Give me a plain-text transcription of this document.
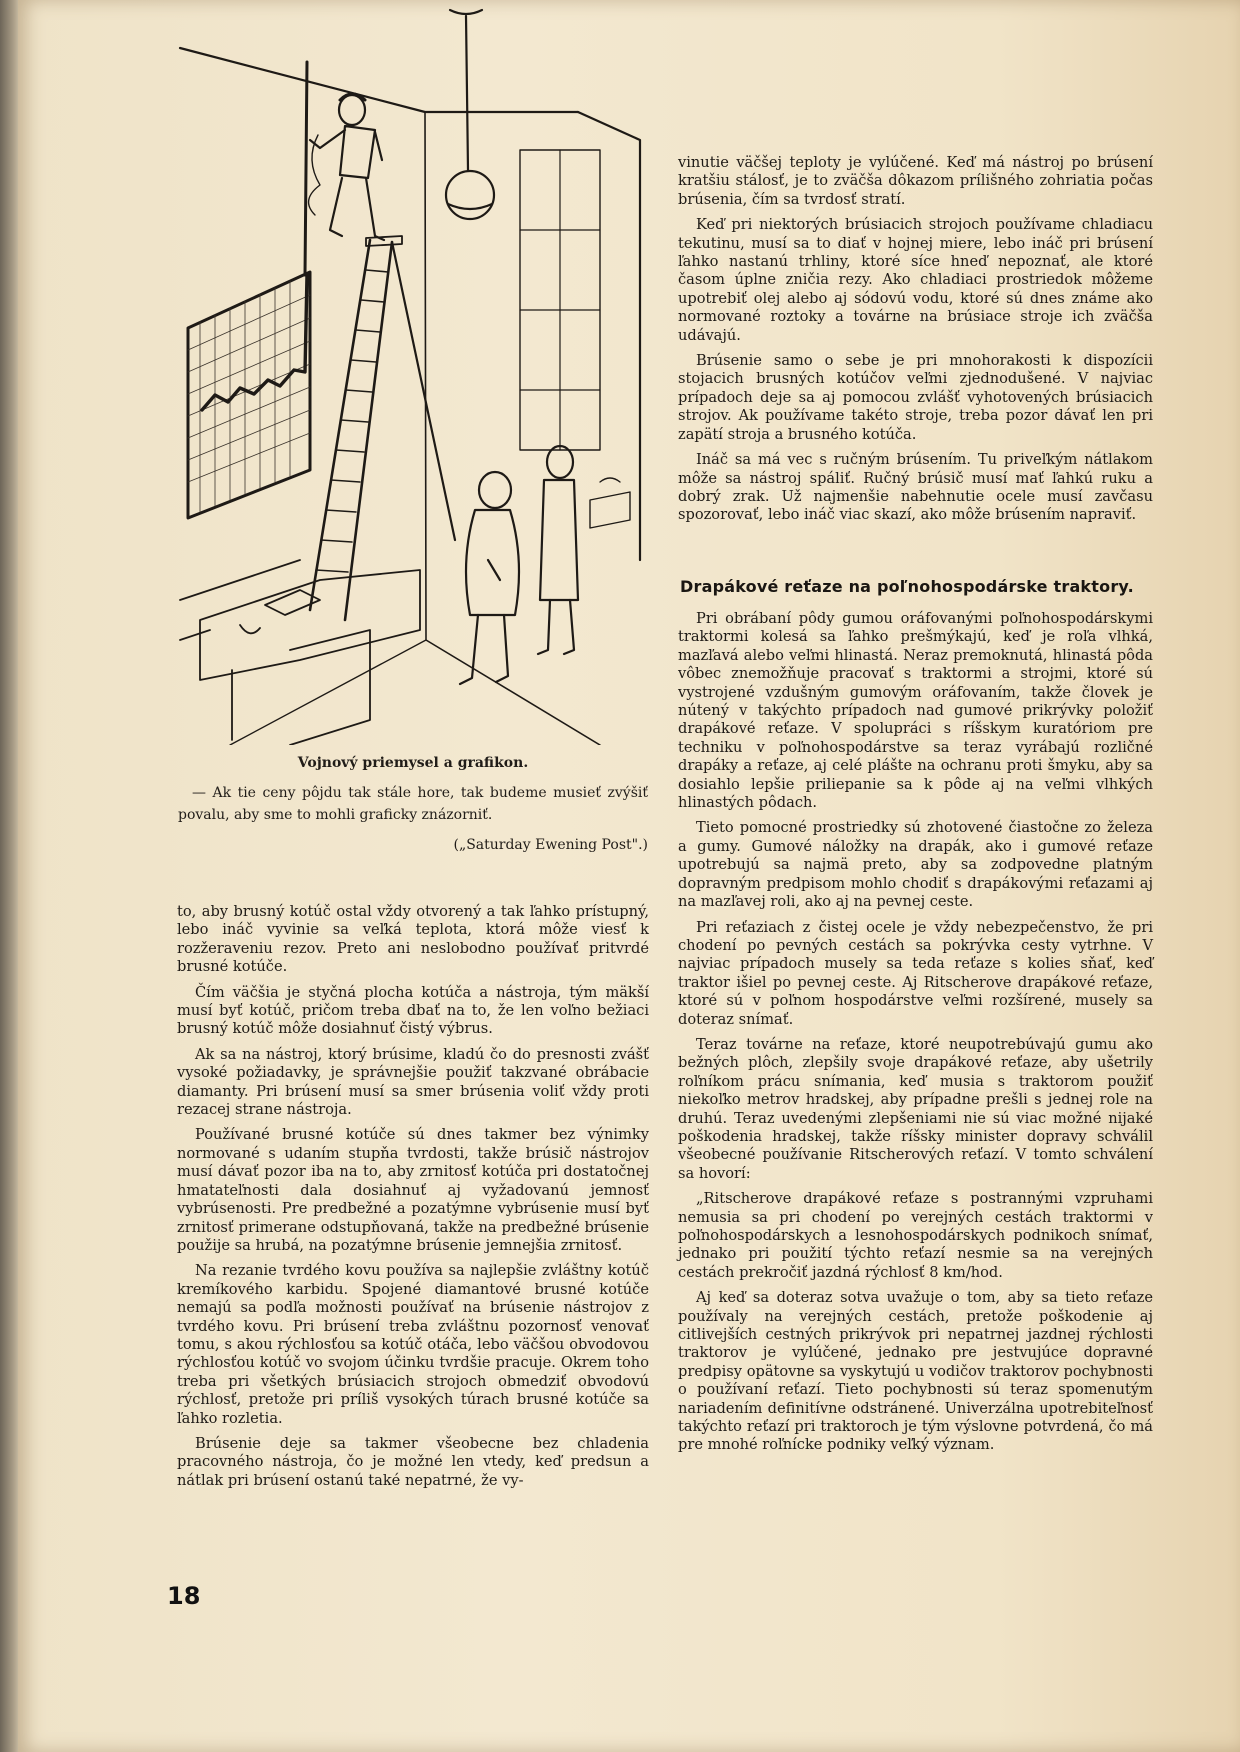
Vojnový priemysel a grafikon.
— Ak tie ceny pôjdu tak stále hore, tak budeme musieť zvýšiť povalu, aby sme to mohli graficky znázorniť.
(„Saturday Ewening Post".)

to, aby brusný kotúč ostal vždy otvorený a tak ľahko prístupný, lebo ináč vyvinie sa veľká teplota, ktorá môže viesť k rozžeraveniu rezov. Preto ani neslobodno používať pritvrdé brusné kotúče.

Čím väčšia je styčná plocha kotúča a nástroja, tým mäkší musí byť kotúč, pričom treba dbať na to, že len voľno bežiaci brusný kotúč môže dosiahnuť čistý výbrus.

Ak sa na nástroj, ktorý brúsime, kladú čo do presnosti zvášť vysoké požiadavky, je správnejšie použiť takzvané obrábacie diamanty. Pri brúsení musí sa smer brúsenia voliť vždy proti rezacej strane nástroja.

Používané brusné kotúče sú dnes takmer bez výnimky normované s udaním stupňa tvrdosti, takže brúsič nástrojov musí dávať pozor iba na to, aby zrnitosť kotúča pri dostatočnej hmatateľnosti dala dosiahnuť aj vyžadovanú jemnosť vybrúsenosti. Pre predbežné a pozatýmne vybrúsenie musí byť zrnitosť primerane odstupňovaná, takže na predbežné brúsenie použije sa hrubá, na pozatýmne brúsenie jemnejšia zrnitosť.

Na rezanie tvrdého kovu používa sa najlepšie zvláštny kotúč kremíkového karbidu. Spojené diamantové brusné kotúče nemajú sa podľa možnosti používať na brúsenie nástrojov z tvrdého kovu. Pri brúsení treba zvláštnu pozornosť venovať tomu, s akou rýchlosťou sa kotúč otáča, lebo väčšou obvodovou rýchlosťou kotúč vo svojom účinku tvrdšie pracuje. Okrem toho treba pri všetkých brúsiacich strojoch obmedziť obvodovú rýchlosť, pretože pri príliš vysokých túrach brusné kotúče sa ľahko rozletia.

Brúsenie deje sa takmer všeobecne bez chladenia pracovného nástroja, čo je možné len vtedy, keď predsun a nátlak pri brúsení ostanú také nepatrné, že vy-

vinutie väčšej teploty je vylúčené. Keď má nástroj po brúsení kratšiu stálosť, je to zväčša dôkazom prílišného zohriatia počas brúsenia, čím sa tvrdosť stratí.

Keď pri niektorých brúsiacich strojoch používame chladiacu tekutinu, musí sa to diať v hojnej miere, lebo ináč pri brúsení ľahko nastanú trhliny, ktoré síce hneď nepoznať, ale ktoré časom úplne zničia rezy. Ako chladiaci prostriedok môžeme upotrebiť olej alebo aj sódovú vodu, ktoré sú dnes známe ako normované roztoky a továrne na brúsiace stroje ich zväčša udávajú.

Brúsenie samo o sebe je pri mnohorakosti k dispozícii stojacich brusných kotúčov veľmi zjednodušené. V najviac prípadoch deje sa aj pomocou zvlášť vyhotovených brúsiacich strojov. Ak používame takéto stroje, treba pozor dávať len pri zapätí stroja a brusného kotúča.

Ináč sa má vec s ručným brúsením. Tu priveľkým nátlakom môže sa nástroj spáliť. Ručný brúsič musí mať ľahkú ruku a dobrý zrak. Už najmenšie nabehnutie ocele musí zavčasu spozorovať, lebo ináč viac skazí, ako môže brúsením napraviť.

Drapákové reťaze na poľnohospodárske traktory.

Pri obrábaní pôdy gumou oráfovanými poľnohospodárskymi traktormi kolesá sa ľahko prešmýkajú, keď je roľa vlhká, mazľavá alebo veľmi hlinastá. Neraz premoknutá, hlinastá pôda vôbec znemožňuje pracovať s traktormi a strojmi, ktoré sú vystrojené vzdušným gumovým oráfovaním, takže človek je nútený v takýchto prípadoch nad gumové prikrývky položiť drapákové reťaze. V spolupráci s ríšskym kuratóriom pre techniku v poľnohospodárstve sa teraz vyrábajú rozličné drapáky a reťaze, aj celé plášte na ochranu proti šmyku, aby sa dosiahlo lepšie priliepanie sa k pôde aj na veľmi vlhkých hlinastých pôdach.

Tieto pomocné prostriedky sú zhotovené čiastočne zo železa a gumy. Gumové náložky na drapák, ako i gumové reťaze upotrebujú sa najmä preto, aby sa zodpovedne platným dopravným predpisom mohlo chodiť s drapákovými reťazami aj na mazľavej roli, ako aj na pevnej ceste.

Pri reťaziach z čistej ocele je vždy nebezpečenstvo, že pri chodení po pevných cestách sa pokrývka cesty vytrhne. V najviac prípadoch musely sa teda reťaze s kolies sňať, keď traktor išiel po pevnej ceste. Aj Ritscherove drapákové reťaze, ktoré sú v poľnom hospodárstve veľmi rozšírené, musely sa doteraz snímať.

Teraz továrne na reťaze, ktoré neupotrebúvajú gumu ako bežných plôch, zlepšily svoje drapákové reťaze, aby ušetrily roľníkom prácu snímania, keď musia s traktorom použiť niekoľko metrov hradskej, aby prípadne prešli s jednej role na druhú. Teraz uvedenými zlepšeniami nie sú viac možné nijaké poškodenia hradskej, takže ríšsky minister dopravy schválil všeobecné používanie Ritscherových reťazí. V tomto schválení sa hovorí:

„Ritscherove drapákové reťaze s postrannými vzpruhami nemusia sa pri chodení po verejných cestách traktormi v poľnohospodárskych a lesnohospodárskych podnikoch snímať, jednako pri použití týchto reťazí nesmie sa na verejných cestách prekročiť jazdná rýchlosť 8 km/hod.

Aj keď sa doteraz sotva uvažuje o tom, aby sa tieto reťaze používaly na verejných cestách, pretože poškodenie aj citlivejších cestných prikrývok pri nepatrnej jazdnej rýchlosti traktorov je vylúčené, jednako pre jestvujúce dopravné predpisy opätovne sa vyskytujú u vodičov traktorov pochybnosti o používaní reťazí. Tieto pochybnosti sú teraz spomenutým nariadením definitívne odstránené. Univerzálna upotrebiteľnosť takýchto reťazí pri traktoroch je tým výslovne potvrdená, čo má pre mnohé roľnícke podniky veľký význam.

18
